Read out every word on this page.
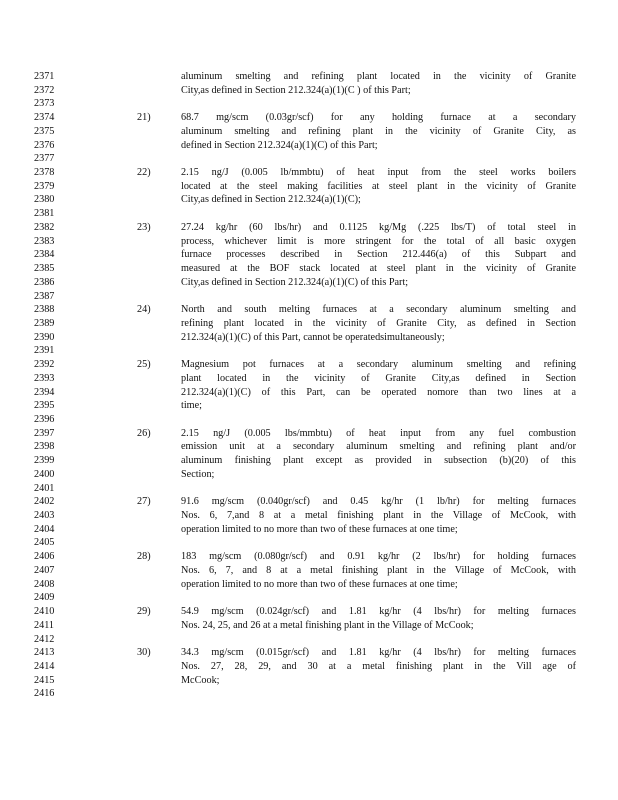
2371	aluminum smelting and refining plant located in the vicinity of Granite
2372	City,as defined in Section 212.324(a)(1)(C ) of this Part;
2373
2374	21)	68.7 mg/scm (0.03gr/scf) for any holding furnace at a secondary
2375	aluminum smelting and refining plant in the vicinity of Granite City, as
2376	defined in Section 212.324(a)(1)(C) of this Part;
2377
2378	22)	2.15 ng/J (0.005 lb/mmbtu) of heat input from the steel works boilers
2379	located at the steel making facilities at steel plant in the vicinity of Granite
2380	City,as defined in Section 212.324(a)(1)(C);
2381
2382	23)	27.24 kg/hr (60 lbs/hr) and 0.1125 kg/Mg (.225 lbs/T) of total steel in
2383	process, whichever limit is more stringent for the total of all basic oxygen
2384	furnace processes described in Section 212.446(a) of this Subpart and
2385	measured at the BOF stack located at steel plant in the vicinity of Granite
2386	City,as defined in Section 212.324(a)(1)(C) of this Part;
2387
2388	24)	North and south melting furnaces at a secondary aluminum smelting and
2389	refining plant located in the vicinity of Granite City, as defined in Section
2390	212.324(a)(1)(C) of this Part, cannot be operatedsimultaneously;
2391
2392	25)	Magnesium pot furnaces at a secondary aluminum smelting and refining
2393	plant located in the vicinity of Granite City,as defined in Section
2394	212.324(a)(1)(C) of this Part, can be operated nomore than two lines at a
2395	time;
2396
2397	26)	2.15 ng/J (0.005 lbs/mmbtu) of heat input from any fuel combustion
2398	emission unit at a secondary aluminum smelting and refining plant and/or
2399	aluminum finishing plant except as provided in subsection (b)(20) of this
2400	Section;
2401
2402	27)	91.6 mg/scm (0.040gr/scf) and 0.45 kg/hr (1 lb/hr) for melting furnaces
2403	Nos. 6, 7,and 8 at a metal finishing plant in the Village of McCook, with
2404	operation limited to no more than two of these furnaces at one time;
2405
2406	28)	183 mg/scm (0.080gr/scf) and 0.91 kg/hr (2 lbs/hr) for holding furnaces
2407	Nos. 6, 7, and 8 at a metal finishing plant in the Village of McCook, with
2408	operation limited to no more than two of these furnaces at one time;
2409
2410	29)	54.9 mg/scm (0.024gr/scf) and 1.81 kg/hr (4 lbs/hr) for melting furnaces
2411	Nos. 24, 25, and 26 at a metal finishing plant in the Village of McCook;
2412
2413	30)	34.3 mg/scm (0.015gr/scf) and 1.81 kg/hr (4 lbs/hr) for melting furnaces
2414	Nos. 27, 28, 29, and 30 at a metal finishing plant in the Vill age of
2415	McCook;
2416
